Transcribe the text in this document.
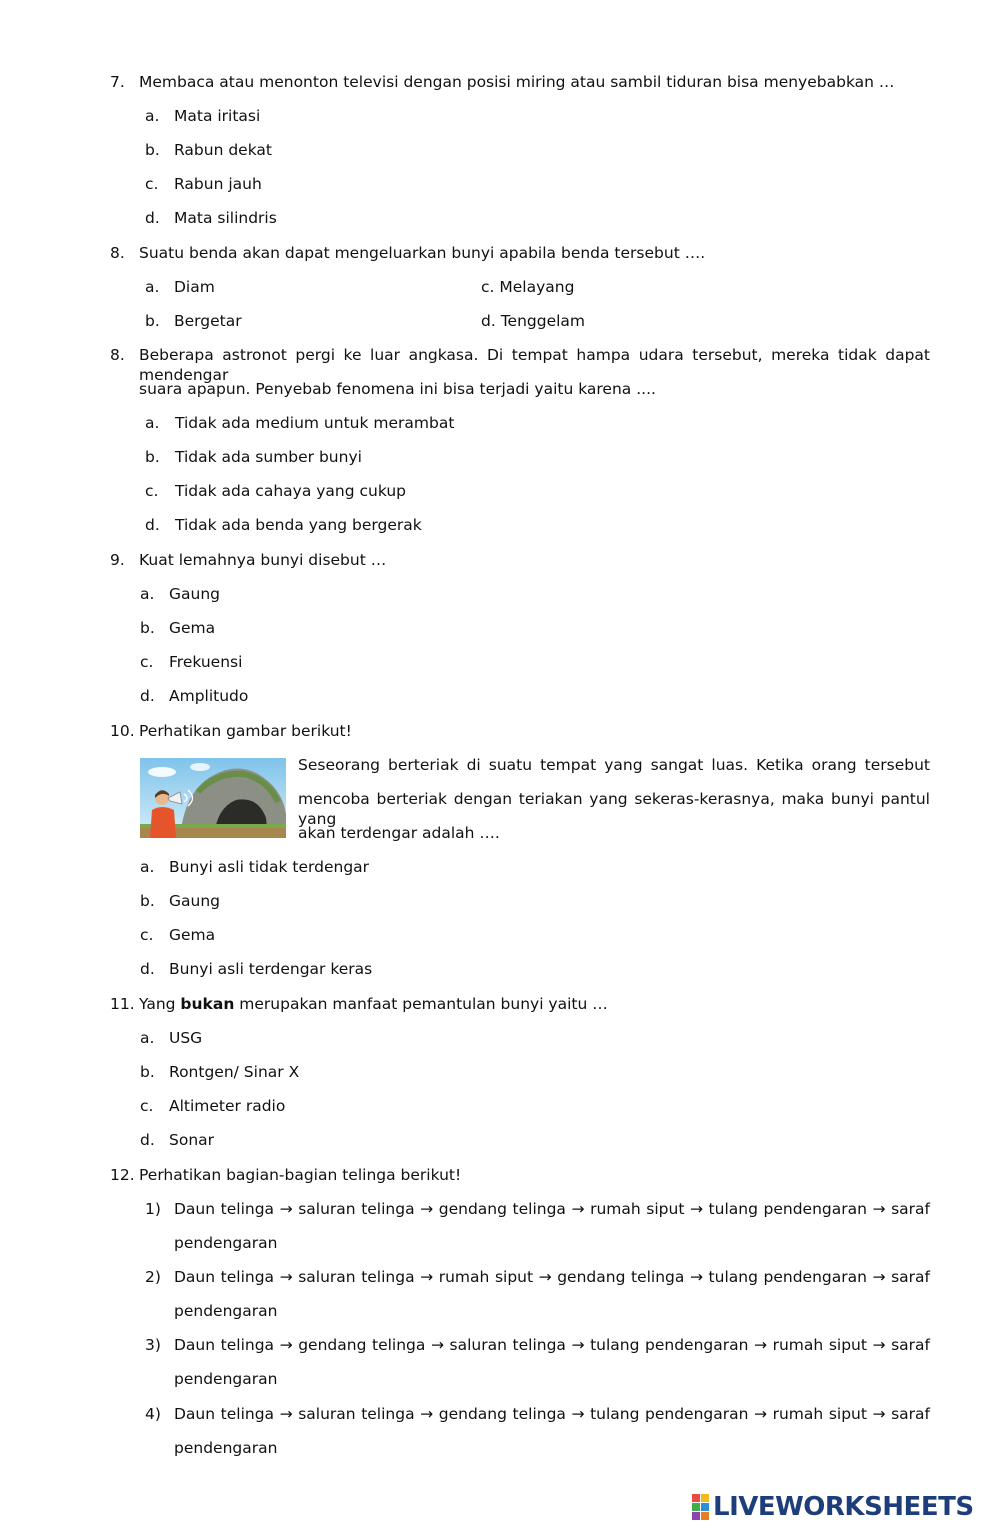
7. Membaca atau menonton televisi dengan posisi miring atau sambil tiduran bisa menyebabkan …
a. Mata iritasi
b. Rabun dekat
c. Rabun jauh
d. Mata silindris
8. Suatu benda akan dapat mengeluarkan bunyi apabila benda tersebut ….
a. Diam	c. Melayang
b. Bergetar	d. Tenggelam
8. Beberapa astronot pergi ke luar angkasa. Di tempat hampa udara tersebut, mereka tidak dapat mendengar
suara apapun. Penyebab fenomena ini bisa terjadi yaitu karena ....
a. Tidak ada medium untuk merambat
b. Tidak ada sumber bunyi
c. Tidak ada cahaya yang cukup
d. Tidak ada benda yang bergerak
9. Kuat lemahnya bunyi disebut …
a. Gaung
b. Gema
c. Frekuensi
d. Amplitudo
10. Perhatikan gambar berikut!
Seseorang berteriak di suatu tempat yang sangat luas. Ketika orang tersebut
mencoba berteriak dengan teriakan yang sekeras-kerasnya, maka bunyi pantul yang
akan terdengar adalah ….
a. Bunyi asli tidak terdengar
b. Gaung
c. Gema
d. Bunyi asli terdengar keras
11. Yang bukan merupakan manfaat pemantulan bunyi yaitu …
a. USG
b. Rontgen/ Sinar X
c. Altimeter radio
d. Sonar
12. Perhatikan bagian-bagian telinga berikut!
1) Daun telinga → saluran telinga → gendang telinga → rumah siput → tulang pendengaran → saraf
pendengaran
2) Daun telinga → saluran telinga → rumah siput → gendang telinga → tulang pendengaran → saraf
pendengaran
3) Daun telinga → gendang telinga → saluran telinga → tulang pendengaran → rumah siput → saraf
pendengaran
4) Daun telinga → saluran telinga → gendang telinga → tulang pendengaran → rumah siput → saraf
pendengaran
LIVEWORKSHEETS
